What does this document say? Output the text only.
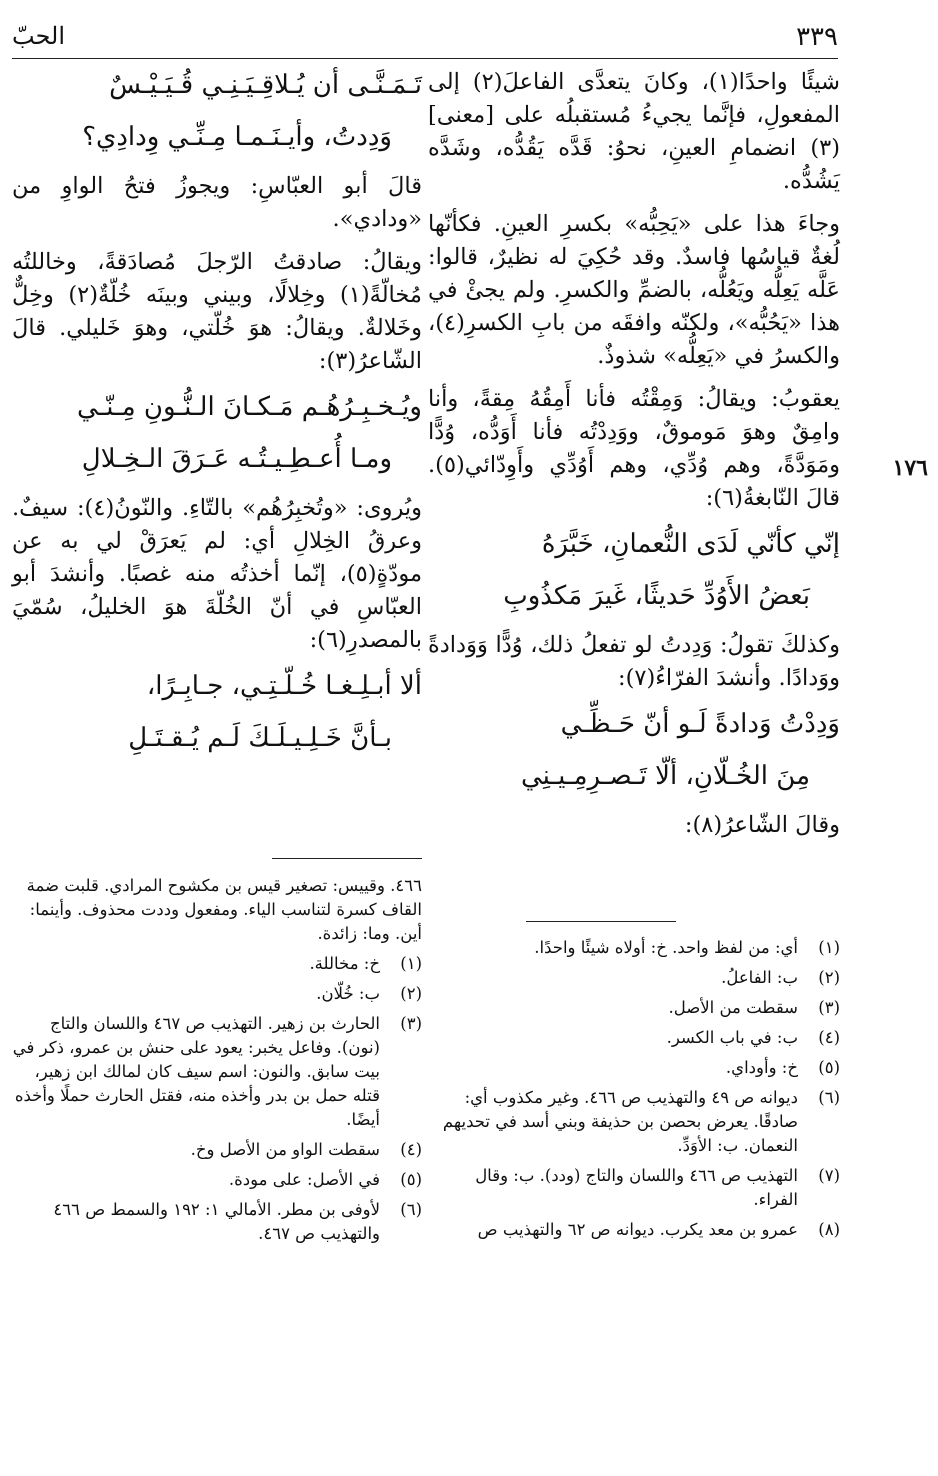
٣٣٩
الحبّ
١٧٦

شيئًا واحدًا(١)، وكانَ يتعدَّى الفاعلَ(٢) إلى المفعولِ، فإنَّما يجيءُ مُستقبلُه على [معنى](٣) انضمامِ العينِ، نحوُ: قَدَّه يَقُدُّه، وشَدَّه يَشُدُّه.

وجاءَ هذا على «يَحِبُّه» بكسرِ العينِ. فكأنّها لُغةٌ قياسُها فاسدٌ. وقد حُكِيَ له نظيرٌ، قالوا: عَلَّه يَعِلُّه ويَعُلُّه، بالضمِّ والكسرِ. ولم يجئْ في هذا «يَحُبُّه»، ولكنّه وافقَه من بابِ الكسرِ(٤)، والكسرُ في «يَعِلُّه» شذوذٌ.

يعقوبُ: ويقالُ: وَمِقْتُه فأنا أَمِقُهُ مِقةً، وأنا وامِقٌ وهوَ مَوموقٌ، ووَدِدْتُه فأنا أَوَدُّه، وُدًّا ومَوَدَّةً، وهم وُدِّي، وهم أَوُدِّي وأَوِدّائي(٥). قالَ النّابغةُ(٦):

إنّي كأنّي لَدَى النُّعمانِ، خَبَّرَهُ
بَعضُ الأَوُدِّ حَديثًا، غَيرَ مَكذُوبِ

وكذلكَ تقولُ: وَدِدتُ لو تفعلُ ذلك، وُدًّا وَوَدادةً ووَدادًا. وأنشدَ الفرّاءُ(٧):

وَدِدْتُ وَدادةً لَـو أنّ حَـظِّـي
مِنَ الخُـلّانِ، ألّا تَـصـرِمِـيـنِي

وقالَ الشّاعرُ(٨):

تَـمَـنَّـى أن يُـلاقِـيَـنِـي قُـيَـيْـسٌ
وَدِدتُ، وأيـنَـمـا مِـنِّـي وِدادِي؟

قالَ أبو العبّاسِ: ويجوزُ فتحُ الواوِ من «ودادي».

ويقالُ: صادقتُ الرّجلَ مُصادَقةً، وخاللتُه مُخالّةً(١) وخِلالًا، وبيني وبينَه خُلّةٌ(٢) وخِلٌّ وخَلالةٌ. ويقالُ: هوَ خُلّتي، وهوَ خَليلي. قالَ الشّاعرُ(٣):

ويُـخـبِـرُهُـم مَـكـانَ الـنُّـونِ مِـنّـي
ومـا أُعـطِـيـتُـه عَـرَقَ الـخِـلالِ

ويُروى: «وتُخبِرُهُم» بالتّاءِ. والنّونُ(٤): سيفٌ. وعرقُ الخِلالِ أي: لم يَعرَقْ لي به عن مودّةٍ(٥)، إنّما أخذتُه منه غصبًا. وأنشدَ أبو العبّاسِ في أنّ الخُلّةَ هوَ الخليلُ، سُمّيَ بالمصدرِ(٦):

ألا أبـلِـغـا خُـلّـتِـي، جـابِـرًا،
بـأنَّ خَـلِـيـلَـكَ لَـم يُـقـتَـلِ
٤٦٦. وقييس: تصغير قيس بن مكشوح المرادي. قلبت ضمة القاف كسرة لتناسب الياء. ومفعول وددت محذوف. وأينما: أين. وما: زائدة.
(١)
خ: مخاللة.
(٢)
ب: خُلّان.
(٣)
الحارث بن زهير. التهذيب ص ٤٦٧ واللسان والتاج (نون). وفاعل يخبر: يعود على حنش بن عمرو، ذكر في بيت سابق. والنون: اسم سيف كان لمالك ابن زهير، قتله حمل بن بدر وأخذه منه، فقتل الحارث حملًا وأخذه أيضًا.
(٤)
سقطت الواو من الأصل وخ.
(٥)
في الأصل: على مودة.
(٦)
لأوفى بن مطر. الأمالي ١: ١٩٢ والسمط ص ٤٦٦ والتهذيب ص ٤٦٧.
(١)
أي: من لفظ واحد. خ: أولاه شيئًا واحدًا.
(٢)
ب: الفاعلُ.
(٣)
سقطت من الأصل.
(٤)
ب: في باب الكسر.
(٥)
خ: وأوداي.
(٦)
ديوانه ص ٤٩ والتهذيب ص ٤٦٦. وغير مكذوب أي: صادقًا. يعرض بحصن بن حذيفة وبني أسد في تحديهم النعمان. ب: الأوَدِّ.
(٧)
التهذيب ص ٤٦٦ واللسان والتاج (ودد). ب: وقال الفراء.
(٨)
عمرو بن معد يكرب. ديوانه ص ٦٢ والتهذيب ص
